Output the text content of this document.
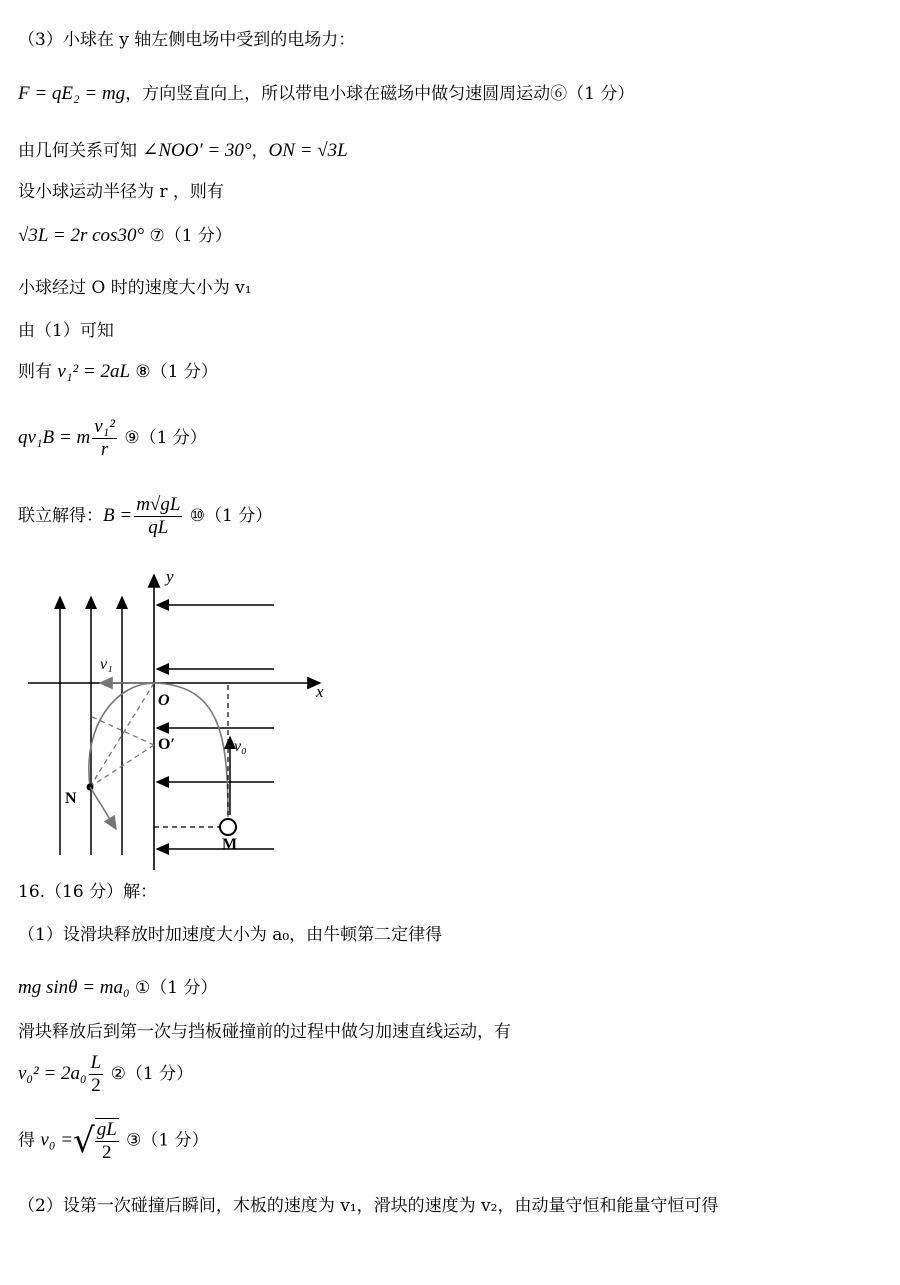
（3）小球在 y 轴左侧电场中受到的电场力：
F = qE₂ = mg，方向竖直向上，所以带电小球在磁场中做匀速圆周运动⑥（1 分）
由几何关系可知 ∠NOO′ = 30°，ON = √3L
设小球运动半径为 r ，则有
√3L = 2r cos30° ⑦（1 分）
小球经过 O 时的速度大小为 v₁
由（1）可知
则有 v₁² = 2aL ⑧（1 分）
qv₁B = m $\frac{\text{v₁²}}{r}$ ⑨（1 分）
联立解得：$B = \frac{m√gL}{qL}$ ⑩（1 分）
y
x
v₁
O
O′	v₀
M
N
16.（16 分）解：
（1）设滑块释放时加速度大小为 a₀，由牛顿第二定律得
mg sinθ = ma₀ ①（1 分）
滑块释放后到第一次与挡板碰撞前的过程中做匀加速直线运动，有
$v_0^2 = 2a_0 \frac{L}{2}$ ②（1 分）
得 v₀ =√ $\frac{gL}{2}$ ③（1 分）
（2）设第一次碰撞后瞬间，木板的速度为 v₁，滑块的速度为 v₂，由动量守恒和能量守恒可得
